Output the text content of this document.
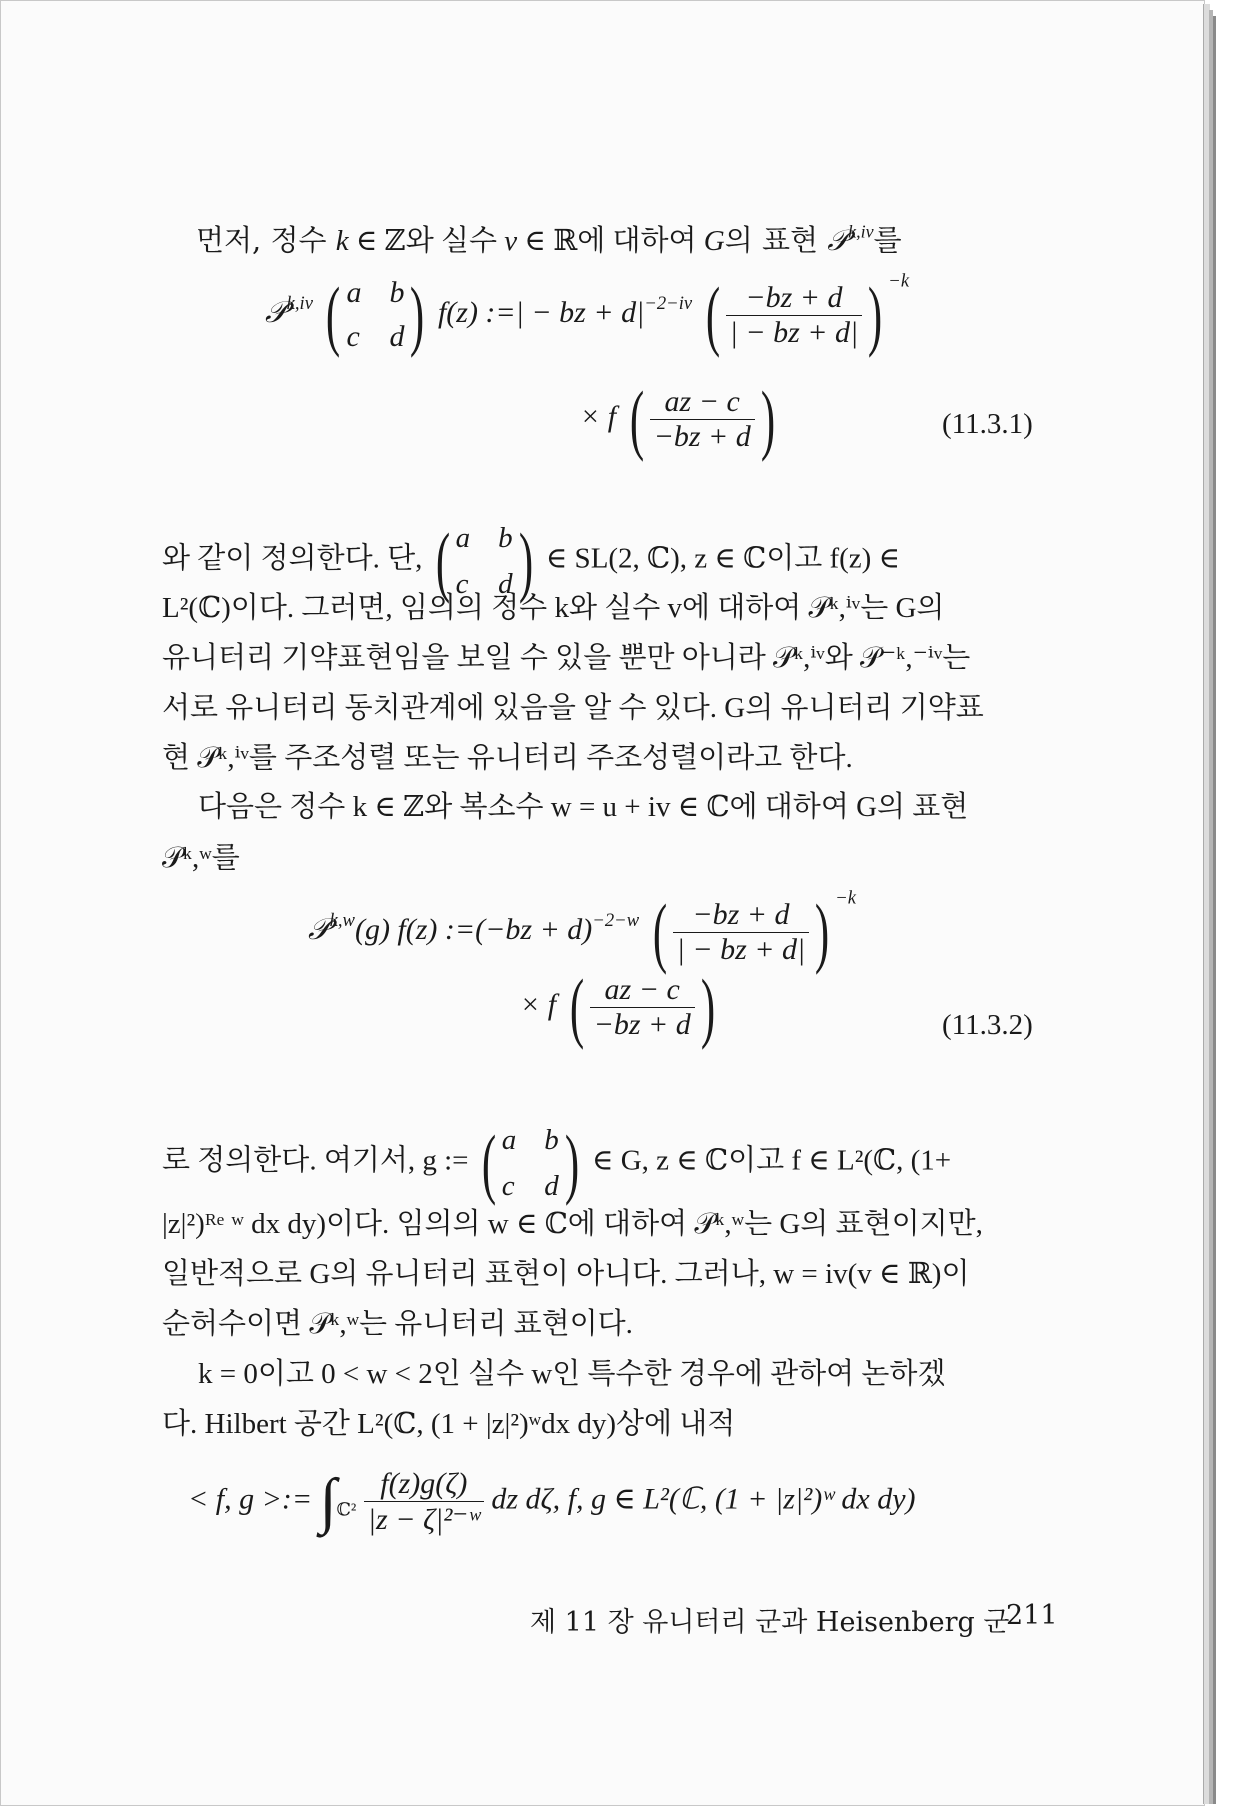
먼저, 정수 k ∈ ℤ와 실수 v ∈ ℝ에 대하여 G의 표현 𝒫$^{k,iv}$를
𝒫$^{k,iv}$ ( a b
c d ) f(z) :=| − bz + $d|^{-2-iv}$ ( $\frac{-bz + d}{| - bz + d|}$ ) $^{-k}$
× f ( $\frac{az - c}{-bz + d}$ )	(11.3.1)
와 같이 정의한다. 단, ( a b
c d ) ∈ SL(2, ℂ), z ∈ ℂ이고 f(z) ∈
L²(ℂ)이다. 그러면, 임의의 정수 k와 실수 v에 대하여 𝒫ᵏ,ⁱᵛ는 G의
유니터리 기약표현임을 보일 수 있을 뿐만 아니라 𝒫ᵏ,ⁱᵛ와 𝒫⁻ᵏ,⁻ⁱᵛ는
서로 유니터리 동치관계에 있음을 알 수 있다. G의 유니터리 기약표
현 𝒫ᵏ,ⁱᵛ를 주조성렬 또는 유니터리 주조성렬이라고 한다.
다음은 정수 k ∈ ℤ와 복소수 w = u + iv ∈ ℂ에 대하여 G의 표현
𝒫ᵏ,ʷ를
𝒫$^{k,w}$(g) f(z) :=(−bz + d)$^{-2-w}$ ( $\frac{-bz + d}{| - bz + d|}$ ) $^{-k}$
× f ( $\frac{az - c}{-bz + d}$ )	(11.3.2)
로 정의한다. 여기서, g := ( a b
c d ) ∈ G, z ∈ ℂ이고 f ∈ L²(ℂ, (1+
|z|²)ᴿᵉ ʷ dx dy)이다. 임의의 w ∈ ℂ에 대하여 𝒫ᵏ,ʷ는 G의 표현이지만,
일반적으로 G의 유니터리 표현이 아니다. 그러나, w = iv(v ∈ ℝ)이
순허수이면 𝒫ᵏ,ʷ는 유니터리 표현이다.
k = 0이고 0 < w < 2인 실수 w인 특수한 경우에 관하여 논하겠
다. Hilbert 공간 L²(ℂ, (1 + |z|²)ʷdx dy)상에 내적
< f, g >:= $\int_{ℂ^2} \frac{f(z)g(\zeta)}{\text{|z − ζ|²⁻ʷ}}$ dz dζ, f, g ∈ L²(ℂ, (1 + |z|²)ʷ dx dy)
제 11 장 유니터리 군과 Heisenberg 군
211
